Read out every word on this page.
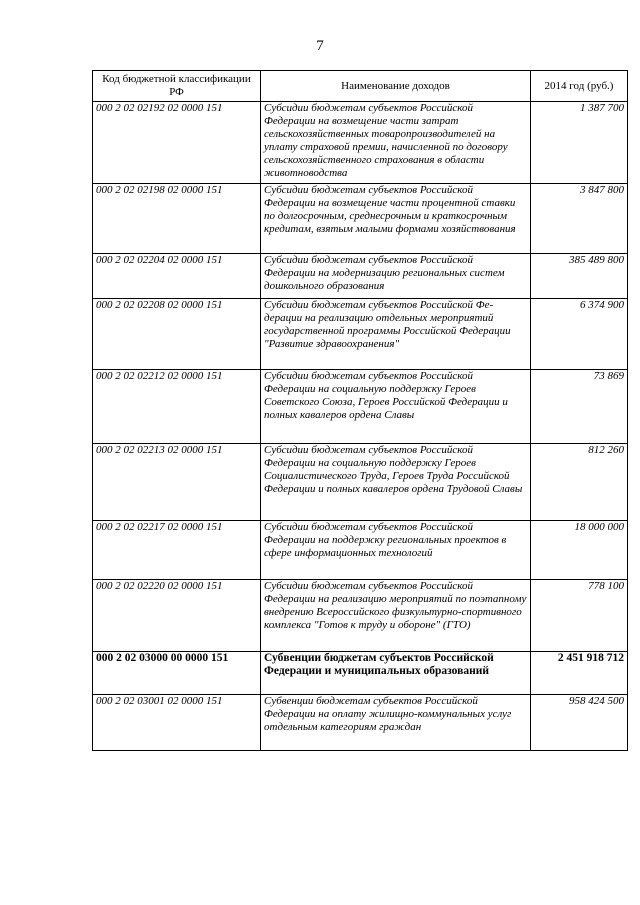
7
Код бюджетной классификации РФ	Наименование доходов	2014 год (руб.)
000 2 02 02192 02 0000 151	Субсидии бюджетам субъектов Российской Федерации на возмещение части затрат сельскохозяйственных товаропроизводителей на уплату страховой премии, начисленной по договору сельскохозяйственного страхования в области животноводства	1 387 700
000 2 02 02198 02 0000 151	Субсидии бюджетам субъектов Российской Федерации на возмещение части процентной ставки по долгосрочным, среднесрочным и краткосрочным кредитам, взятым малыми формами хозяйствования	3 847 800
000 2 02 02204 02 0000 151	Субсидии бюджетам субъектов Российской Федерации на модернизацию региональных систем дошкольного образования	385 489 800
000 2 02 02208 02 0000 151	Субсидии бюджетам субъектов Российской Фе-дерации на реализацию отдельных мероприятий государственной программы Российской Федерации "Развитие здравоохранения"	6 374 900
000 2 02 02212 02 0000 151	Субсидии бюджетам субъектов Российской Федерации на социальную поддержку Героев Советского Союза, Героев Российской Федерации и полных кавалеров ордена Славы	73 869
000 2 02 02213 02 0000 151	Субсидии бюджетам субъектов Российской Федерации на социальную поддержку Героев Социалистического Труда, Героев Труда Российской Федерации и полных кавалеров ордена Трудовой Славы	812 260
000 2 02 02217 02 0000 151	Субсидии бюджетам субъектов Российской Федерации на поддержку региональных проектов в сфере информационных технологий	18 000 000
000 2 02 02220 02 0000 151	Субсидии бюджетам субъектов Российской Федерации на реализацию мероприятий по поэтапному внедрению Всероссийского физкультурно-спортивного комплекса "Готов к труду и обороне" (ГТО)	778 100
000 2 02 03000 00 0000 151	Субвенции бюджетам субъектов Российской Федерации и муниципальных образований	2 451 918 712
000 2 02 03001 02 0000 151	Субвенции бюджетам субъектов Российской Федерации на оплату жилищно-коммунальных услуг отдельным категориям граждан	958 424 500
